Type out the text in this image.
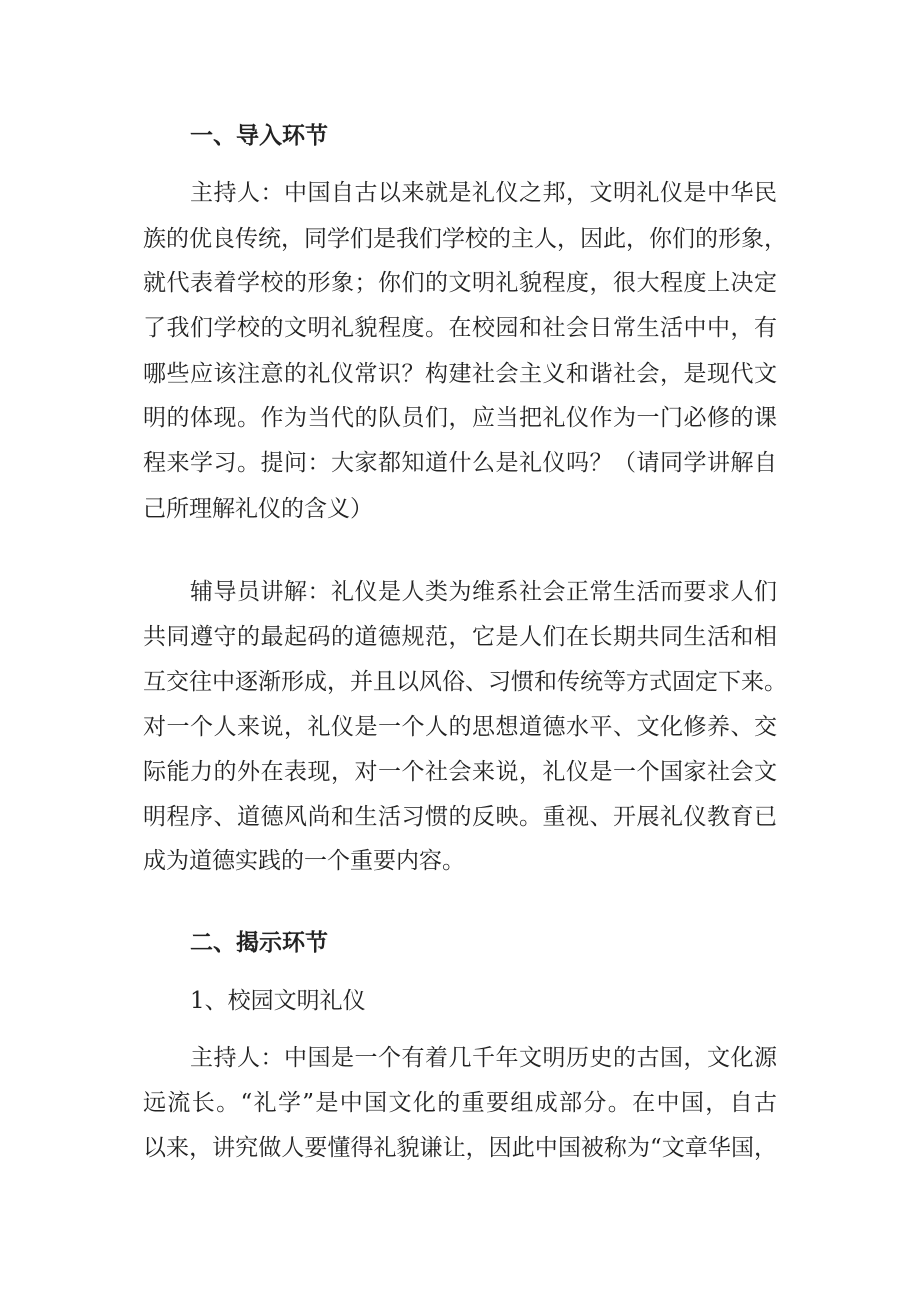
一、导入环节
主持人：中国自古以来就是礼仪之邦，文明礼仪是中华民
族的优良传统，同学们是我们学校的主人，因此，你们的形象，
就代表着学校的形象；你们的文明礼貌程度，很大程度上决定
了我们学校的文明礼貌程度。在校园和社会日常生活中中，有
哪些应该注意的礼仪常识？构建社会主义和谐社会，是现代文
明的体现。作为当代的队员们，应当把礼仪作为一门必修的课
程来学习。提问：大家都知道什么是礼仪吗？（请同学讲解自
己所理解礼仪的含义）
辅导员讲解：礼仪是人类为维系社会正常生活而要求人们
共同遵守的最起码的道德规范，它是人们在长期共同生活和相
互交往中逐渐形成，并且以风俗、习惯和传统等方式固定下来。
对一个人来说，礼仪是一个人的思想道德水平、文化修养、交
际能力的外在表现，对一个社会来说，礼仪是一个国家社会文
明程序、道德风尚和生活习惯的反映。重视、开展礼仪教育已
成为道德实践的一个重要内容。
二、揭示环节
1、校园文明礼仪
主持人：中国是一个有着几千年文明历史的古国，文化源
远流长。“礼学”是中国文化的重要组成部分。在中国，自古
以来，讲究做人要懂得礼貌谦让，因此中国被称为“文章华国，
